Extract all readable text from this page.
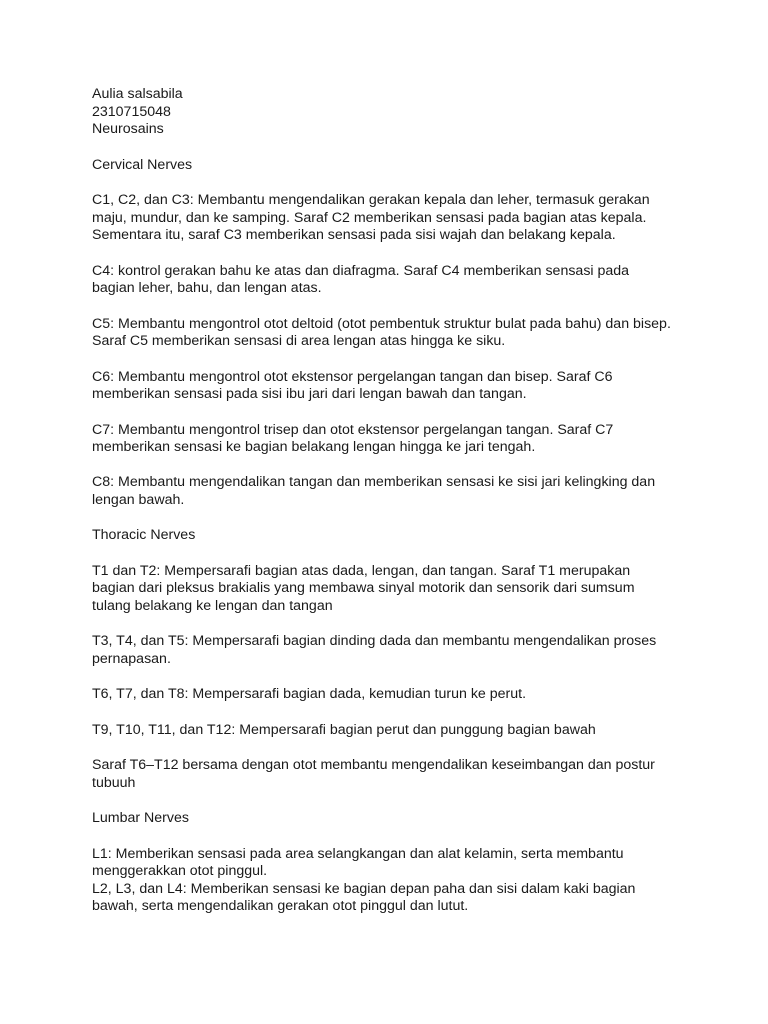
Aulia salsabila
2310715048
Neurosains
Cervical Nerves
C1, C2, dan C3: Membantu mengendalikan gerakan kepala dan leher, termasuk gerakan
maju, mundur, dan ke samping. Saraf C2 memberikan sensasi pada bagian atas kepala.
Sementara itu, saraf C3 memberikan sensasi pada sisi wajah dan belakang kepala.
C4: kontrol gerakan bahu ke atas dan diafragma. Saraf C4 memberikan sensasi pada
bagian leher, bahu, dan lengan atas.
C5: Membantu mengontrol otot deltoid (otot pembentuk struktur bulat pada bahu) dan bisep.
Saraf C5 memberikan sensasi di area lengan atas hingga ke siku.
C6: Membantu mengontrol otot ekstensor pergelangan tangan dan bisep. Saraf C6
memberikan sensasi pada sisi ibu jari dari lengan bawah dan tangan.
C7: Membantu mengontrol trisep dan otot ekstensor pergelangan tangan. Saraf C7
memberikan sensasi ke bagian belakang lengan hingga ke jari tengah.
C8: Membantu mengendalikan tangan dan memberikan sensasi ke sisi jari kelingking dan
lengan bawah.
Thoracic Nerves
T1 dan T2: Mempersarafi bagian atas dada, lengan, dan tangan. Saraf T1 merupakan
bagian dari pleksus brakialis yang membawa sinyal motorik dan sensorik dari sumsum
tulang belakang ke lengan dan tangan
T3, T4, dan T5: Mempersarafi bagian dinding dada dan membantu mengendalikan proses
pernapasan.
T6, T7, dan T8: Mempersarafi bagian dada, kemudian turun ke perut.
T9, T10, T11, dan T12: Mempersarafi bagian perut dan punggung bagian bawah
Saraf T6–T12 bersama dengan otot membantu mengendalikan keseimbangan dan postur
tubuuh
Lumbar Nerves
L1: Memberikan sensasi pada area selangkangan dan alat kelamin, serta membantu
menggerakkan otot pinggul.
L2, L3, dan L4: Memberikan sensasi ke bagian depan paha dan sisi dalam kaki bagian
bawah, serta mengendalikan gerakan otot pinggul dan lutut.
